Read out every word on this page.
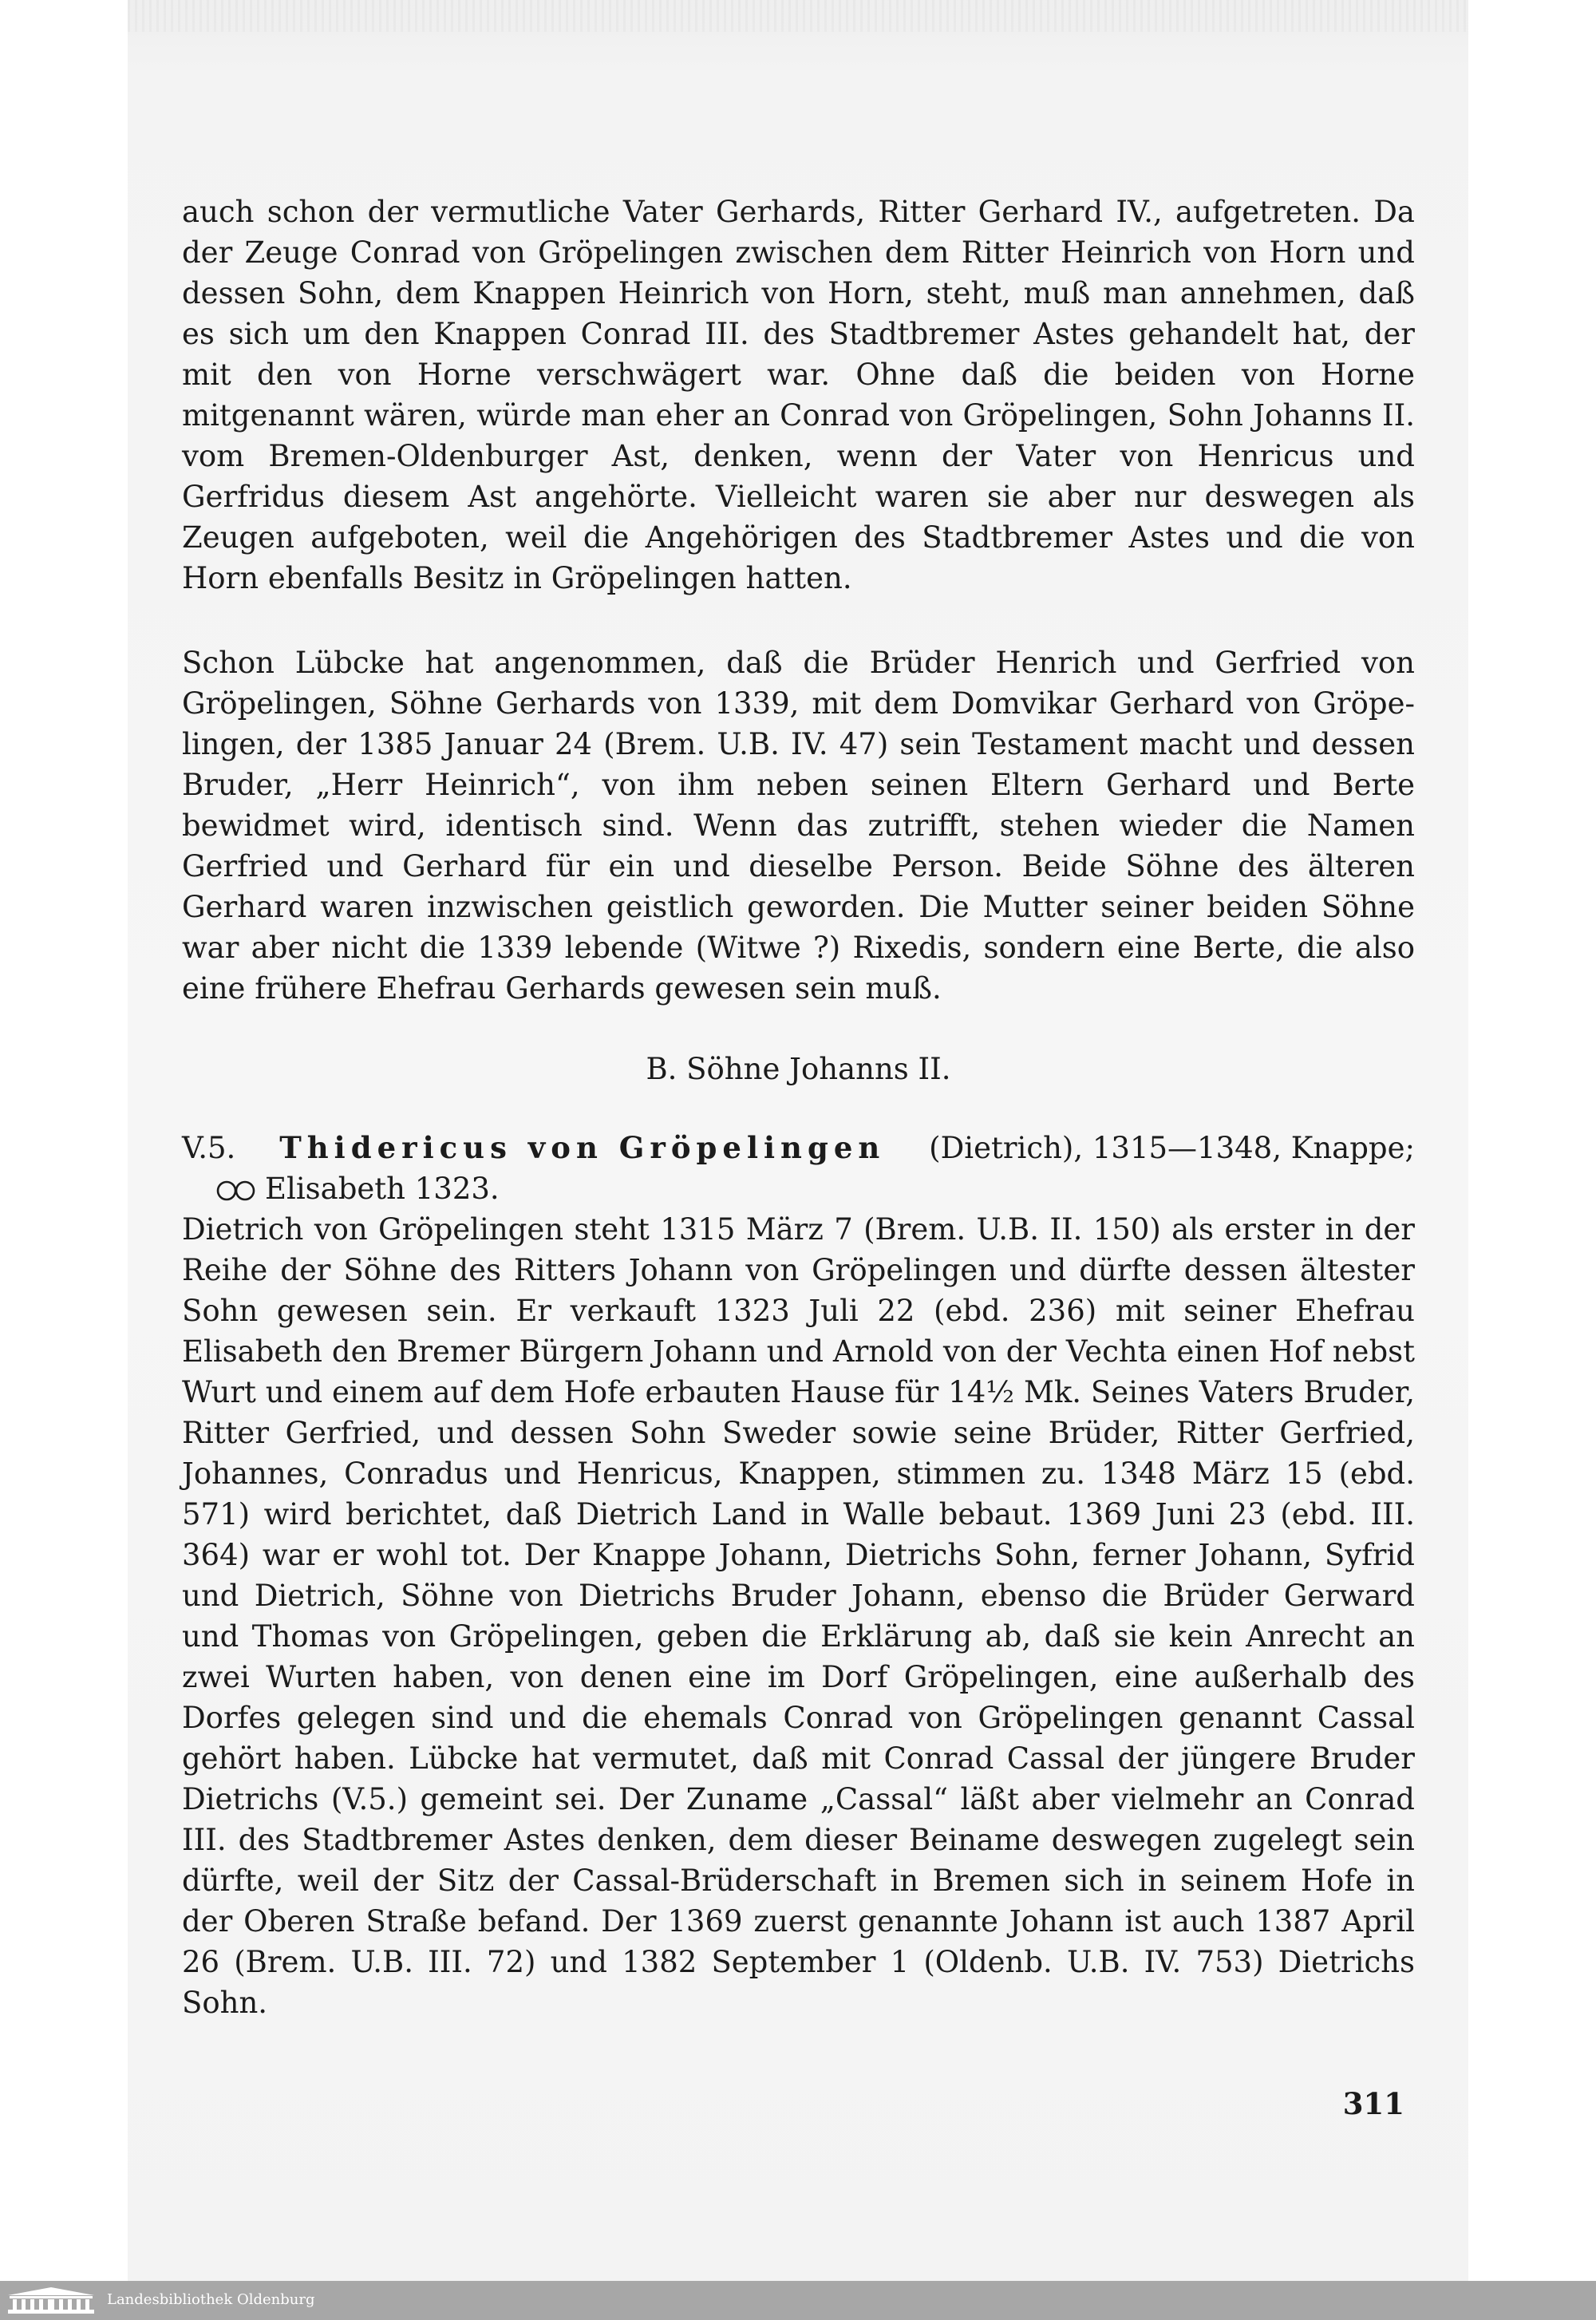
auch schon der vermutliche Vater Gerhards, Ritter Gerhard IV., aufgetreten. Da der Zeuge Conrad von Gröpelingen zwischen dem Ritter Heinrich von Horn und dessen Sohn, dem Knappen Heinrich von Horn, steht, muß man annehmen, daß es sich um den Knappen Conrad III. des Stadtbremer Astes gehandelt hat, der mit den von Horne verschwägert war. Ohne daß die beiden von Horne mitgenannt wären, würde man eher an Conrad von Gröpelingen, Sohn Johanns II. vom Bremen-Oldenburger Ast, denken, wenn der Vater von Henricus und Gerfridus diesem Ast angehörte. Vielleicht waren sie aber nur deswegen als Zeugen aufgeboten, weil die Angehörigen des Stadtbremer Astes und die von Horn ebenfalls Besitz in Gröpelingen hatten.

Schon Lübcke hat angenommen, daß die Brüder Henrich und Gerfried von Gröpelingen, Söhne Gerhards von 1339, mit dem Domvikar Gerhard von Gröpelingen, der 1385 Januar 24 (Brem. U.B. IV. 47) sein Testament macht und dessen Bruder, „Herr Heinrich“, von ihm neben seinen Eltern Gerhard und Berte bewidmet wird, identisch sind. Wenn das zutrifft, stehen wieder die Namen Gerfried und Gerhard für ein und dieselbe Person. Beide Söhne des älteren Gerhard waren inzwischen geistlich geworden. Die Mutter seiner beiden Söhne war aber nicht die 1339 lebende (Witwe ?) Rixedis, sondern eine Berte, die also eine frühere Ehefrau Gerhards gewesen sein muß.

B. Söhne Johanns II.
V.5. Thidericus von Gröpelingen (Dietrich), 1315—1348, Knappe;
Elisabeth 1323.

Dietrich von Gröpelingen steht 1315 März 7 (Brem. U.B. II. 150) als erster in der Reihe der Söhne des Ritters Johann von Gröpelingen und dürfte dessen ältester Sohn gewesen sein. Er verkauft 1323 Juli 22 (ebd. 236) mit seiner Ehefrau Elisabeth den Bremer Bürgern Johann und Arnold von der Vechta einen Hof nebst Wurt und einem auf dem Hofe erbauten Hause für 14½ Mk. Seines Vaters Bruder, Ritter Gerfried, und dessen Sohn Sweder sowie seine Brüder, Ritter Gerfried, Johannes, Conradus und Henricus, Knappen, stimmen zu. 1348 März 15 (ebd. 571) wird berichtet, daß Dietrich Land in Walle bebaut. 1369 Juni 23 (ebd. III. 364) war er wohl tot. Der Knappe Johann, Dietrichs Sohn, ferner Johann, Syfrid und Dietrich, Söhne von Dietrichs Bruder Johann, ebenso die Brüder Gerward und Thomas von Gröpelingen, geben die Erklärung ab, daß sie kein Anrecht an zwei Wurten haben, von denen eine im Dorf Gröpelingen, eine außerhalb des Dorfes gelegen sind und die ehemals Conrad von Gröpelingen genannt Cassal gehört haben. Lübcke hat vermutet, daß mit Conrad Cassal der jüngere Bruder Dietrichs (V.5.) gemeint sei. Der Zuname „Cassal“ läßt aber vielmehr an Conrad III. des Stadtbremer Astes denken, dem dieser Beiname deswegen zugelegt sein dürfte, weil der Sitz der Cassal-Brüderschaft in Bremen sich in seinem Hofe in der Oberen Straße befand. Der 1369 zuerst genannte Johann ist auch 1387 April 26 (Brem. U.B. III. 72) und 1382 September 1 (Oldenb. U.B. IV. 753) Dietrichs Sohn.

311
Landesbibliothek Oldenburg
